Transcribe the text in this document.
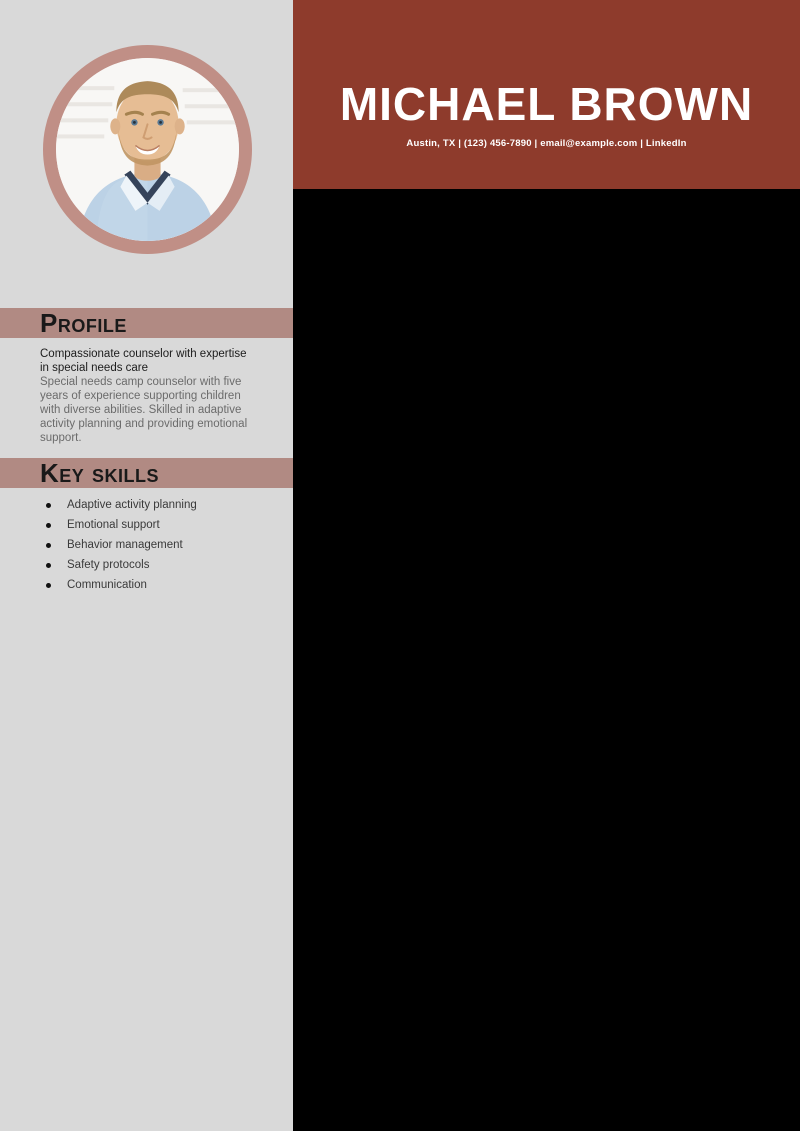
Profile

Compassionate counselor with expertise in special needs care
Special needs camp counselor with five years of experience supporting children with diverse abilities. Skilled in adaptive activity planning and providing emotional support.

Key skills
Adaptive activity planning
Emotional support
Behavior management
Safety protocols
Communication
MICHAEL BROWN
Austin, TX | (123) 456-7890 | email@example.com | LinkedIn
